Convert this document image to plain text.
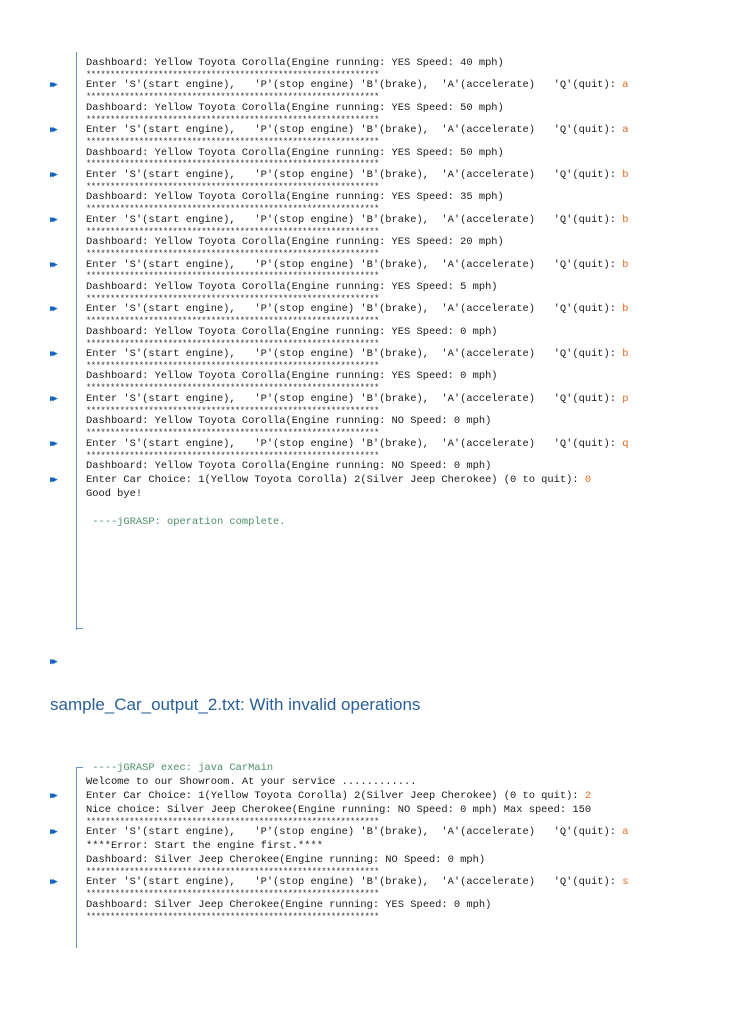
Dashboard: Yellow Toyota Corolla(Engine running: YES Speed: 40 mph)
*************************************************************
▶▶	Enter 'S'(start engine),   'P'(stop engine) 'B'(brake),  'A'(accelerate)   'Q'(quit): a
*************************************************************
Dashboard: Yellow Toyota Corolla(Engine running: YES Speed: 50 mph)
*************************************************************
▶▶	Enter 'S'(start engine),   'P'(stop engine) 'B'(brake),  'A'(accelerate)   'Q'(quit): a
*************************************************************
Dashboard: Yellow Toyota Corolla(Engine running: YES Speed: 50 mph)
*************************************************************
▶▶	Enter 'S'(start engine),   'P'(stop engine) 'B'(brake),  'A'(accelerate)   'Q'(quit): b
*************************************************************
Dashboard: Yellow Toyota Corolla(Engine running: YES Speed: 35 mph)
*************************************************************
▶▶	Enter 'S'(start engine),   'P'(stop engine) 'B'(brake),  'A'(accelerate)   'Q'(quit): b
*************************************************************
Dashboard: Yellow Toyota Corolla(Engine running: YES Speed: 20 mph)
*************************************************************
▶▶	Enter 'S'(start engine),   'P'(stop engine) 'B'(brake),  'A'(accelerate)   'Q'(quit): b
*************************************************************
Dashboard: Yellow Toyota Corolla(Engine running: YES Speed: 5 mph)
*************************************************************
▶▶	Enter 'S'(start engine),   'P'(stop engine) 'B'(brake),  'A'(accelerate)   'Q'(quit): b
*************************************************************
Dashboard: Yellow Toyota Corolla(Engine running: YES Speed: 0 mph)
*************************************************************
▶▶	Enter 'S'(start engine),   'P'(stop engine) 'B'(brake),  'A'(accelerate)   'Q'(quit): b
*************************************************************
Dashboard: Yellow Toyota Corolla(Engine running: YES Speed: 0 mph)
*************************************************************
▶▶	Enter 'S'(start engine),   'P'(stop engine) 'B'(brake),  'A'(accelerate)   'Q'(quit): p
*************************************************************
Dashboard: Yellow Toyota Corolla(Engine running: NO Speed: 0 mph)
*************************************************************
▶▶	Enter 'S'(start engine),   'P'(stop engine) 'B'(brake),  'A'(accelerate)   'Q'(quit): q
*************************************************************
Dashboard: Yellow Toyota Corolla(Engine running: NO Speed: 0 mph)
▶▶	Enter Car Choice: 1(Yellow Toyota Corolla) 2(Silver Jeep Cherokee) (0 to quit): 0
Good bye!
----jGRASP: operation complete.
▶▶
sample_Car_output_2.txt: With invalid operations
----jGRASP exec: java CarMain
Welcome to our Showroom. At your service ............
▶▶	Enter Car Choice: 1(Yellow Toyota Corolla) 2(Silver Jeep Cherokee) (0 to quit): 2
Nice choice: Silver Jeep Cherokee(Engine running: NO Speed: 0 mph) Max speed: 150
*************************************************************
▶▶	Enter 'S'(start engine),   'P'(stop engine) 'B'(brake),  'A'(accelerate)   'Q'(quit): a
****Error: Start the engine first.****
Dashboard: Silver Jeep Cherokee(Engine running: NO Speed: 0 mph)
*************************************************************
▶▶	Enter 'S'(start engine),   'P'(stop engine) 'B'(brake),  'A'(accelerate)   'Q'(quit): s
*************************************************************
Dashboard: Silver Jeep Cherokee(Engine running: YES Speed: 0 mph)
*************************************************************
